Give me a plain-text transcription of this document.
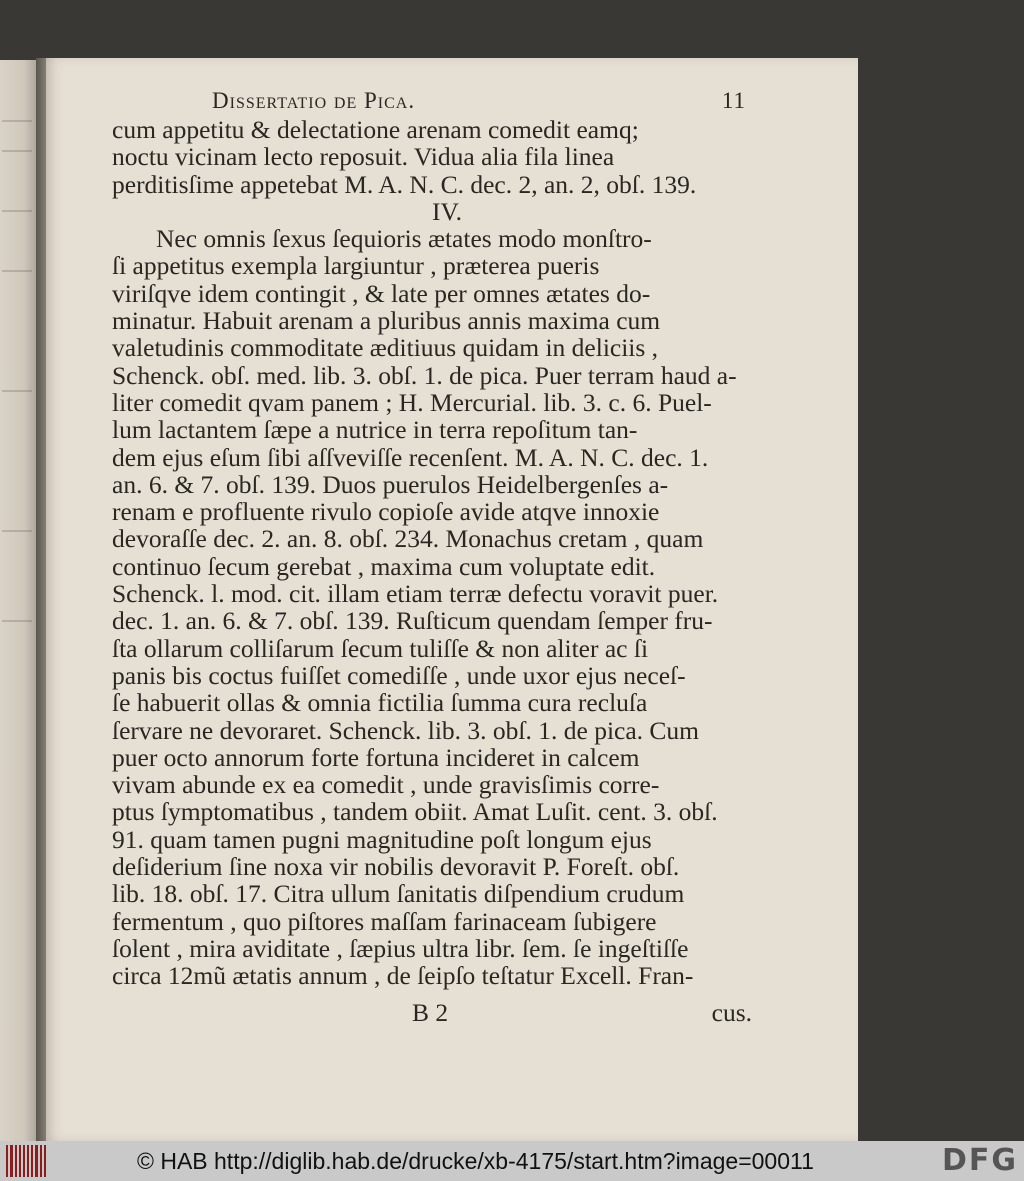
Dissertatio de Pica.	11
cum appetitu & delectatione arenam comedit eamq;
noctu vicinam lecto reposuit. Vidua alia fila linea
perditisſime appetebat M. A. N. C. dec. 2, an. 2, obſ. 139.
IV.
Nec omnis ſexus ſequioris ætates modo monſtro-
ſi appetitus exempla largiuntur , præterea pueris
viriſqve idem contingit , & late per omnes ætates do-
minatur. Habuit arenam a pluribus annis maxima cum
valetudinis commoditate æditiuus quidam in deliciis ,
Schenck. obſ. med. lib. 3. obſ. 1. de pica. Puer terram haud a-
liter comedit qvam panem ; H. Mercurial. lib. 3. c. 6. Puel-
lum lactantem ſæpe a nutrice in terra repoſitum tan-
dem ejus eſum ſibi aſſveviſſe recenſent. M. A. N. C. dec. 1.
an. 6. & 7. obſ. 139. Duos puerulos Heidelbergenſes a-
renam e profluente rivulo copioſe avide atqve innoxie
devoraſſe dec. 2. an. 8. obſ. 234. Monachus cretam , quam
continuo ſecum gerebat , maxima cum voluptate edit.
Schenck. l. mod. cit. illam etiam terræ defectu voravit puer.
dec. 1. an. 6. & 7. obſ. 139. Ruſticum quendam ſemper fru-
ſta ollarum colliſarum ſecum tuliſſe & non aliter ac ſi
panis bis coctus fuiſſet comediſſe , unde uxor ejus neceſ-
ſe habuerit ollas & omnia fictilia ſumma cura recluſa
ſervare ne devoraret. Schenck. lib. 3. obſ. 1. de pica. Cum
puer octo annorum forte fortuna incideret in calcem
vivam abunde ex ea comedit , unde gravisſimis corre-
ptus ſymptomatibus , tandem obiit. Amat Luſit. cent. 3. obſ.
91. quam tamen pugni magnitudine poſt longum ejus
deſiderium ſine noxa vir nobilis devoravit P. Foreſt. obſ.
lib. 18. obſ. 17. Citra ullum ſanitatis diſpendium crudum
fermentum , quo piſtores maſſam farinaceam ſubigere
ſolent , mira aviditate , ſæpius ultra libr. ſem. ſe ingeſtiſſe
circa 12mũ ætatis annum , de ſeipſo teſtatur Excell. Fran-
B 2	cus.
© HAB http://diglib.hab.de/drucke/xb-4175/start.htm?image=00011	DFG
